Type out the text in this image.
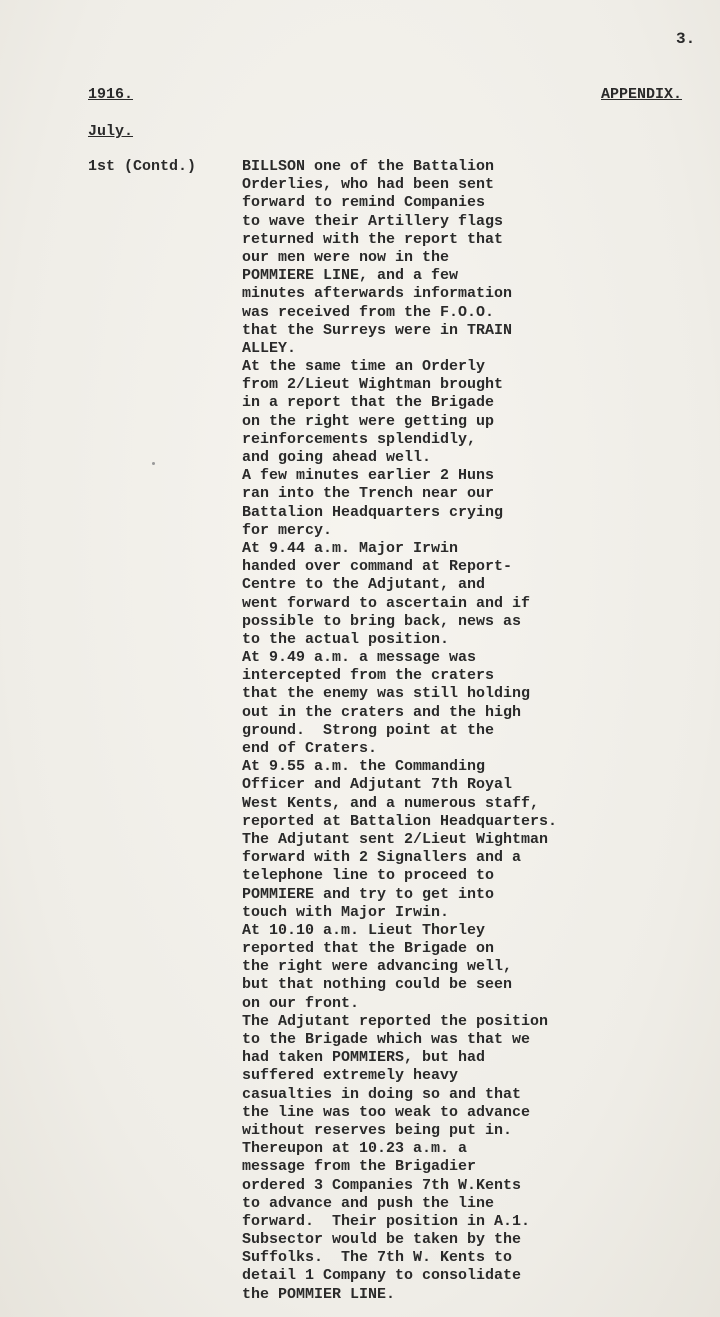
3.
1916.	APPENDIX.
July.
1st (Contd.)	BILLSON one of the Battalion
Orderlies, who had been sent
forward to remind Companies
to wave their Artillery flags
returned with the report that
our men were now in the
POMMIERE LINE, and a few
minutes afterwards information
was received from the F.O.O.
that the Surreys were in TRAIN
ALLEY.
At the same time an Orderly
from 2/Lieut Wightman brought
in a report that the Brigade
on the right were getting up
reinforcements splendidly,
and going ahead well.
A few minutes earlier 2 Huns
ran into the Trench near our
Battalion Headquarters crying
for mercy.
At 9.44 a.m. Major Irwin
handed over command at Report-
Centre to the Adjutant, and
went forward to ascertain and if
possible to bring back, news as
to the actual position.
At 9.49 a.m. a message was
intercepted from the craters
that the enemy was still holding
out in the craters and the high
ground.  Strong point at the
end of Craters.
At 9.55 a.m. the Commanding
Officer and Adjutant 7th Royal
West Kents, and a numerous staff,
reported at Battalion Headquarters.
The Adjutant sent 2/Lieut Wightman
forward with 2 Signallers and a
telephone line to proceed to
POMMIERE and try to get into
touch with Major Irwin.
At 10.10 a.m. Lieut Thorley
reported that the Brigade on
the right were advancing well,
but that nothing could be seen
on our front.
The Adjutant reported the position
to the Brigade which was that we
had taken POMMIERS, but had
suffered extremely heavy
casualties in doing so and that
the line was too weak to advance
without reserves being put in.
Thereupon at 10.23 a.m. a
message from the Brigadier
ordered 3 Companies 7th W.Kents
to advance and push the line
forward.  Their position in A.1.
Subsector would be taken by the
Suffolks.  The 7th W. Kents to
detail 1 Company to consolidate
the POMMIER LINE.
